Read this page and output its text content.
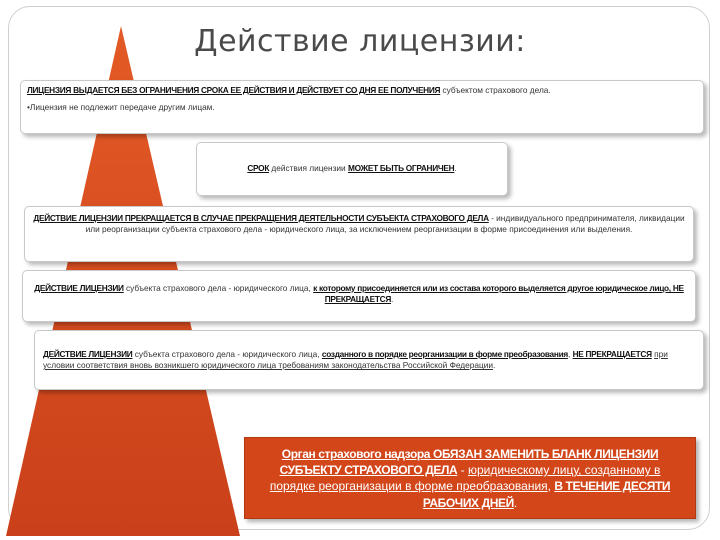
Действие лицензии:
ЛИЦЕНЗИЯ ВЫДАЕТСЯ БЕЗ ОГРАНИЧЕНИЯ СРОКА ЕЕ ДЕЙСТВИЯ И ДЕЙСТВУЕТ СО ДНЯ ЕЕ ПОЛУЧЕНИЯ субъектом страхового дела.
•Лицензия не подлежит передаче другим лицам.
СРОК действия лицензии МОЖЕТ БЫТЬ ОГРАНИЧЕН.
ДЕЙСТВИЕ ЛИЦЕНЗИИ ПРЕКРАЩАЕТСЯ В СЛУЧАЕ ПРЕКРАЩЕНИЯ ДЕЯТЕЛЬНОСТИ СУБЪЕКТА СТРАХОВОГО ДЕЛА - индивидуального предпринимателя, ликвидации или реорганизации субъекта страхового дела - юридического лица, за исключением реорганизации в форме присоединения или выделения.
ДЕЙСТВИЕ ЛИЦЕНЗИИ субъекта страхового дела - юридического лица, к которому присоединяется или из состава которого выделяется другое юридическое лицо, НЕ ПРЕКРАЩАЕТСЯ.
ДЕЙСТВИЕ ЛИЦЕНЗИИ субъекта страхового дела - юридического лица, созданного в порядке реорганизации в форме преобразования, НЕ ПРЕКРАЩАЕТСЯ при условии соответствия вновь возникшего юридического лица требованиям законодательства Российской Федерации.
Орган страхового надзора ОБЯЗАН ЗАМЕНИТЬ БЛАНК ЛИЦЕНЗИИ СУБЪЕКТУ СТРАХОВОГО ДЕЛА - юридическому лицу, созданному в порядке реорганизации в форме преобразования, В ТЕЧЕНИЕ ДЕСЯТИ РАБОЧИХ ДНЕЙ.
